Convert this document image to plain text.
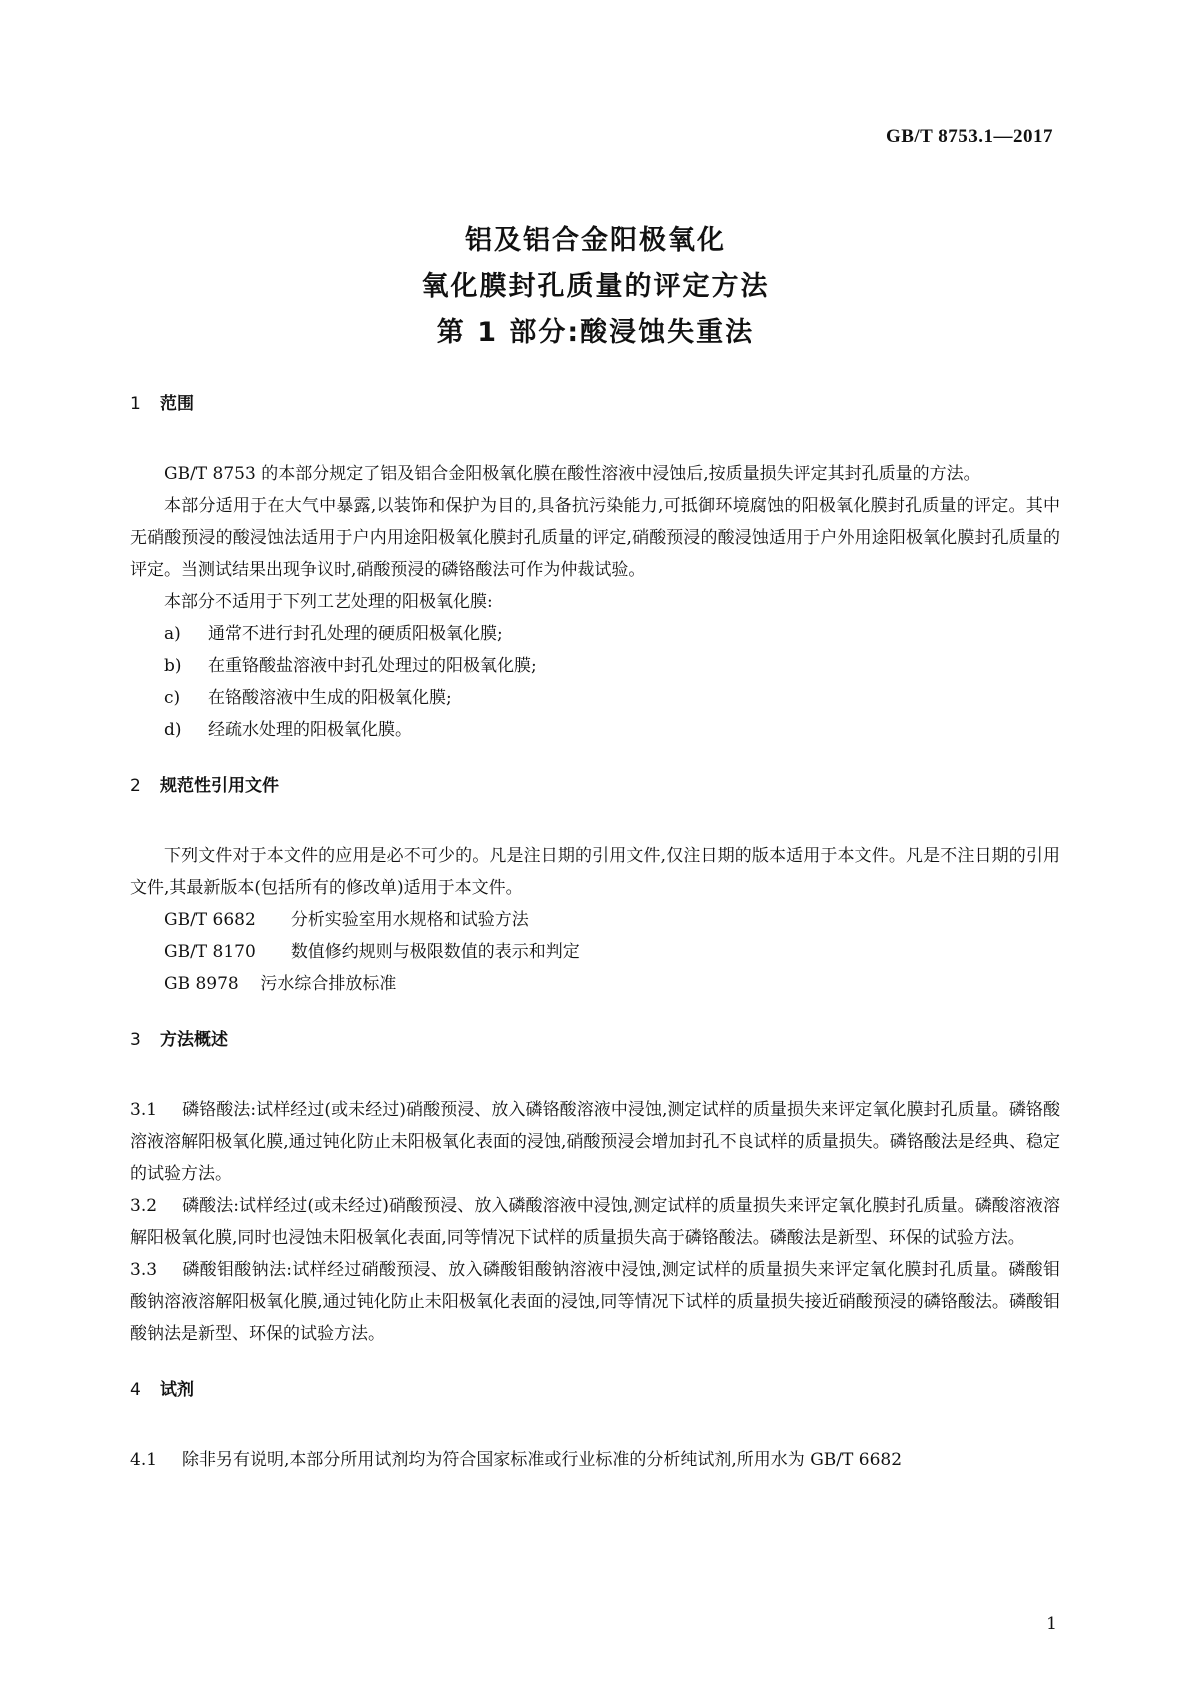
GB/T 8753.1—2017
铝及铝合金阳极氧化
氧化膜封孔质量的评定方法
第 1 部分:酸浸蚀失重法
1 范围

GB/T 8753 的本部分规定了铝及铝合金阳极氧化膜在酸性溶液中浸蚀后,按质量损失评定其封孔质量的方法。

本部分适用于在大气中暴露,以装饰和保护为目的,具备抗污染能力,可抵御环境腐蚀的阳极氧化膜封孔质量的评定。其中无硝酸预浸的酸浸蚀法适用于户内用途阳极氧化膜封孔质量的评定,硝酸预浸的酸浸蚀适用于户外用途阳极氧化膜封孔质量的评定。当测试结果出现争议时,硝酸预浸的磷铬酸法可作为仲裁试验。

本部分不适用于下列工艺处理的阳极氧化膜:

a) 通常不进行封孔处理的硬质阳极氧化膜;
b) 在重铬酸盐溶液中封孔处理过的阳极氧化膜;
c) 在铬酸溶液中生成的阳极氧化膜;
d) 经疏水处理的阳极氧化膜。
2 规范性引用文件

下列文件对于本文件的应用是必不可少的。凡是注日期的引用文件,仅注日期的版本适用于本文件。凡是不注日期的引用文件,其最新版本(包括所有的修改单)适用于本文件。

GB/T 6682 分析实验室用水规格和试验方法
GB/T 8170 数值修约规则与极限数值的表示和判定
GB 8978 污水综合排放标准
3 方法概述

3.1 磷铬酸法:试样经过(或未经过)硝酸预浸、放入磷铬酸溶液中浸蚀,测定试样的质量损失来评定氧化膜封孔质量。磷铬酸溶液溶解阳极氧化膜,通过钝化防止未阳极氧化表面的浸蚀,硝酸预浸会增加封孔不良试样的质量损失。磷铬酸法是经典、稳定的试验方法。

3.2 磷酸法:试样经过(或未经过)硝酸预浸、放入磷酸溶液中浸蚀,测定试样的质量损失来评定氧化膜封孔质量。磷酸溶液溶解阳极氧化膜,同时也浸蚀未阳极氧化表面,同等情况下试样的质量损失高于磷铬酸法。磷酸法是新型、环保的试验方法。

3.3 磷酸钼酸钠法:试样经过硝酸预浸、放入磷酸钼酸钠溶液中浸蚀,测定试样的质量损失来评定氧化膜封孔质量。磷酸钼酸钠溶液溶解阳极氧化膜,通过钝化防止未阳极氧化表面的浸蚀,同等情况下试样的质量损失接近硝酸预浸的磷铬酸法。磷酸钼酸钠法是新型、环保的试验方法。

4 试剂

4.1 除非另有说明,本部分所用试剂均为符合国家标准或行业标准的分析纯试剂,所用水为 GB/T 6682

1
